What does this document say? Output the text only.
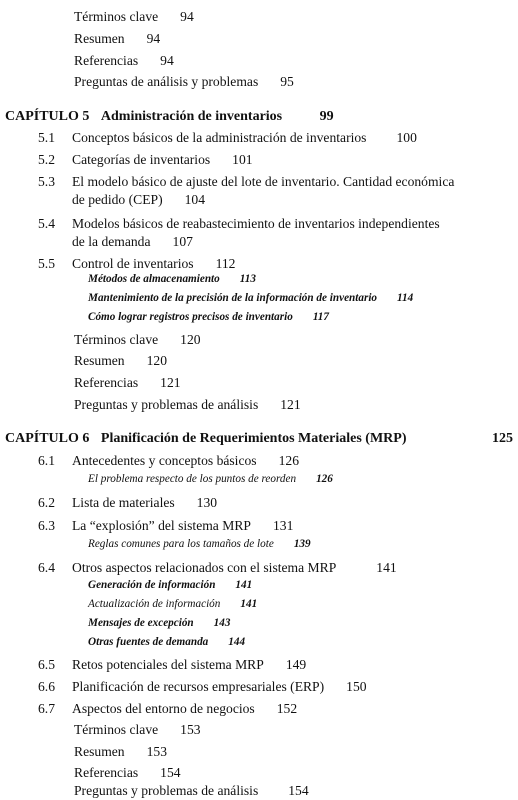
Términos clave 94
Resumen 94
Referencias 94
Preguntas de análisis y problemas 95
CAPÍTULO 5 Administración de inventarios	99
5.1 Conceptos básicos de la administración de inventarios 100
5.2 Categorías de inventarios 101
5.3 El modelo básico de ajuste del lote de inventario. Cantidad económica
de pedido (CEP) 104
5.4 Modelos básicos de reabastecimiento de inventarios independientes
de la demanda 107
5.5 Control de inventarios 112
Métodos de almacenamiento 113
Mantenimiento de la precisión de la información de inventario 114
Cómo lograr registros precisos de inventario 117
Términos clave 120
Resumen 120
Referencias 121
Preguntas y problemas de análisis 121
CAPÍTULO 6 Planificación de Requerimientos Materiales (MRP)	125
6.1 Antecedentes y conceptos básicos 126
El problema respecto de los puntos de reorden 126
6.2 Lista de materiales 130
6.3 La “explosión” del sistema MRP 131
Reglas comunes para los tamaños de lote 139
6.4 Otros aspectos relacionados con el sistema MRP	141
Generación de información 141
Actualización de información 141
Mensajes de excepción 143
Otras fuentes de demanda 144
6.5 Retos potenciales del sistema MRP 149
6.6 Planificación de recursos empresariales (ERP) 150
6.7 Aspectos del entorno de negocios 152
Términos clave 153
Resumen 153
Referencias 154
Preguntas y problemas de análisis 154
